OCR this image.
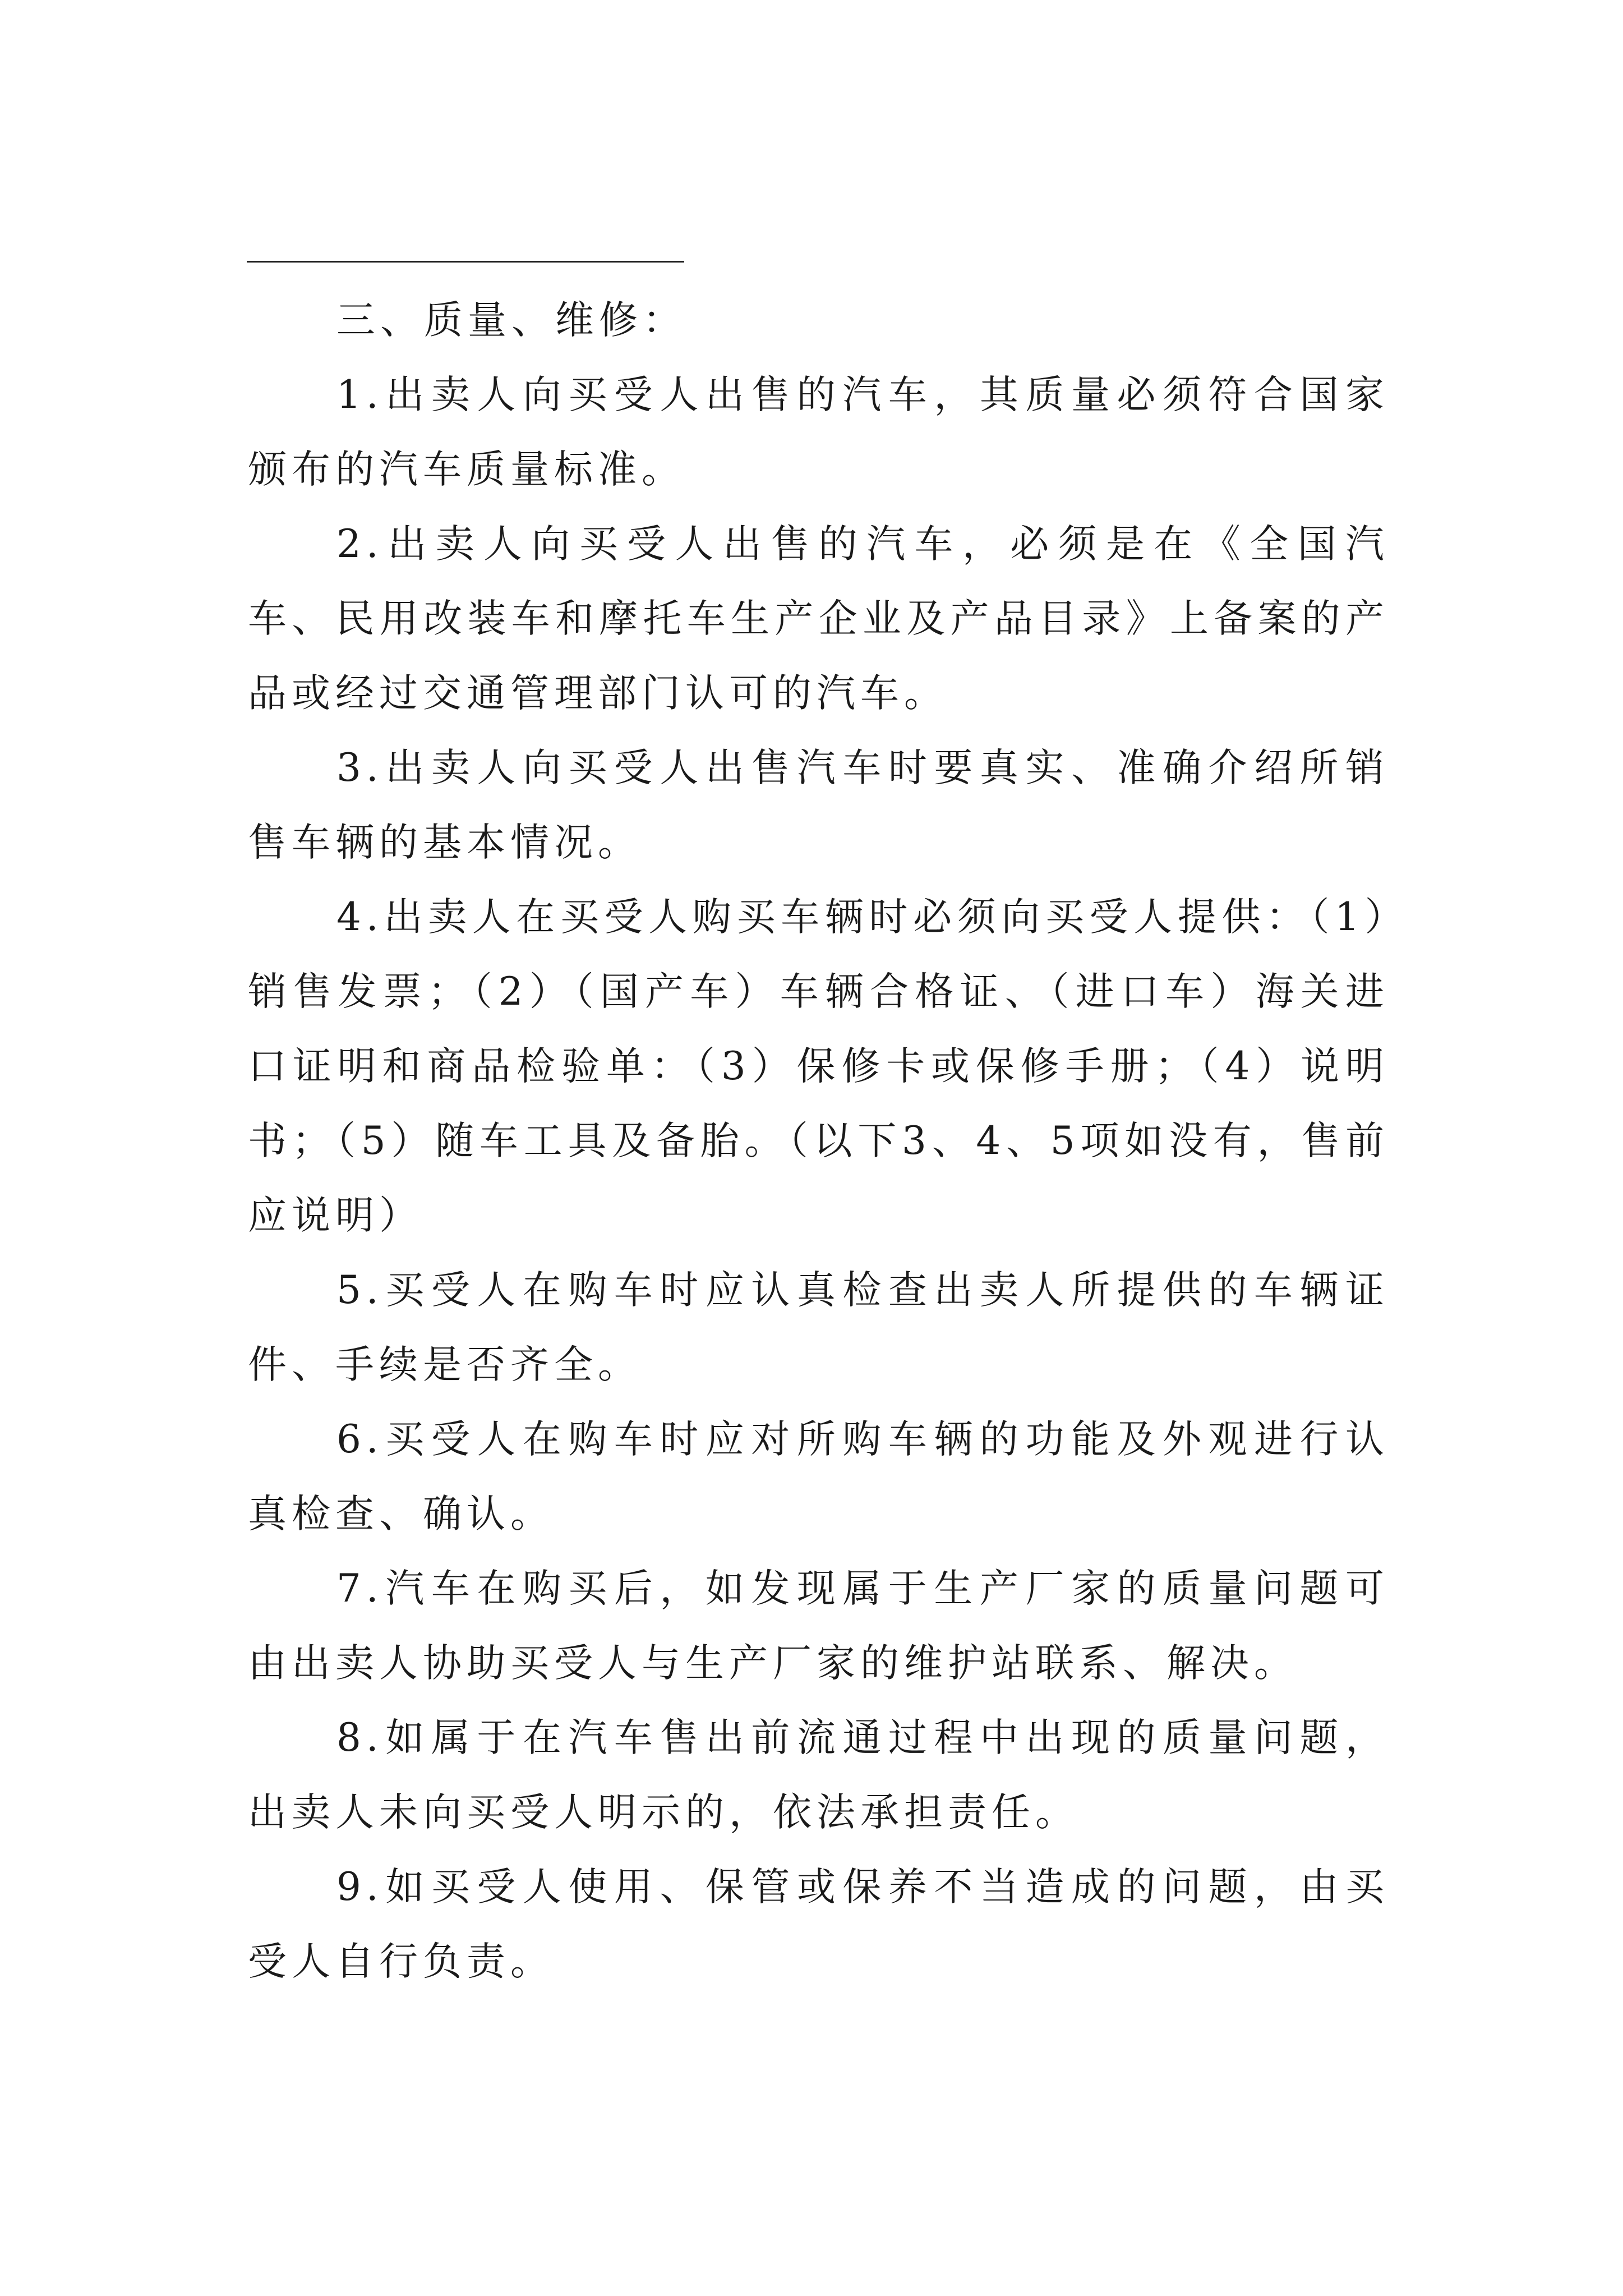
三、质量、维修：

1.出卖人向买受人出售的汽车，其质量必须符合国家颁布的汽车质量标准。

2.出卖人向买受人出售的汽车，必须是在《全国汽车、民用改装车和摩托车生产企业及产品目录》上备案的产品或经过交通管理部门认可的汽车。

3.出卖人向买受人出售汽车时要真实、准确介绍所销售车辆的基本情况。

4.出卖人在买受人购买车辆时必须向买受人提供：（1）销售发票；（2）（国产车）车辆合格证、（进口车）海关进口证明和商品检验单：（3）保修卡或保修手册；（4）说明书；（5）随车工具及备胎。（以下3、4、5项如没有，售前应说明）

5.买受人在购车时应认真检查出卖人所提供的车辆证件、手续是否齐全。

6.买受人在购车时应对所购车辆的功能及外观进行认真检查、确认。

7.汽车在购买后，如发现属于生产厂家的质量问题可由出卖人协助买受人与生产厂家的维护站联系、解决。

8.如属于在汽车售出前流通过程中出现的质量问题，出卖人未向买受人明示的，依法承担责任。

9.如买受人使用、保管或保养不当造成的问题，由买受人自行负责。
